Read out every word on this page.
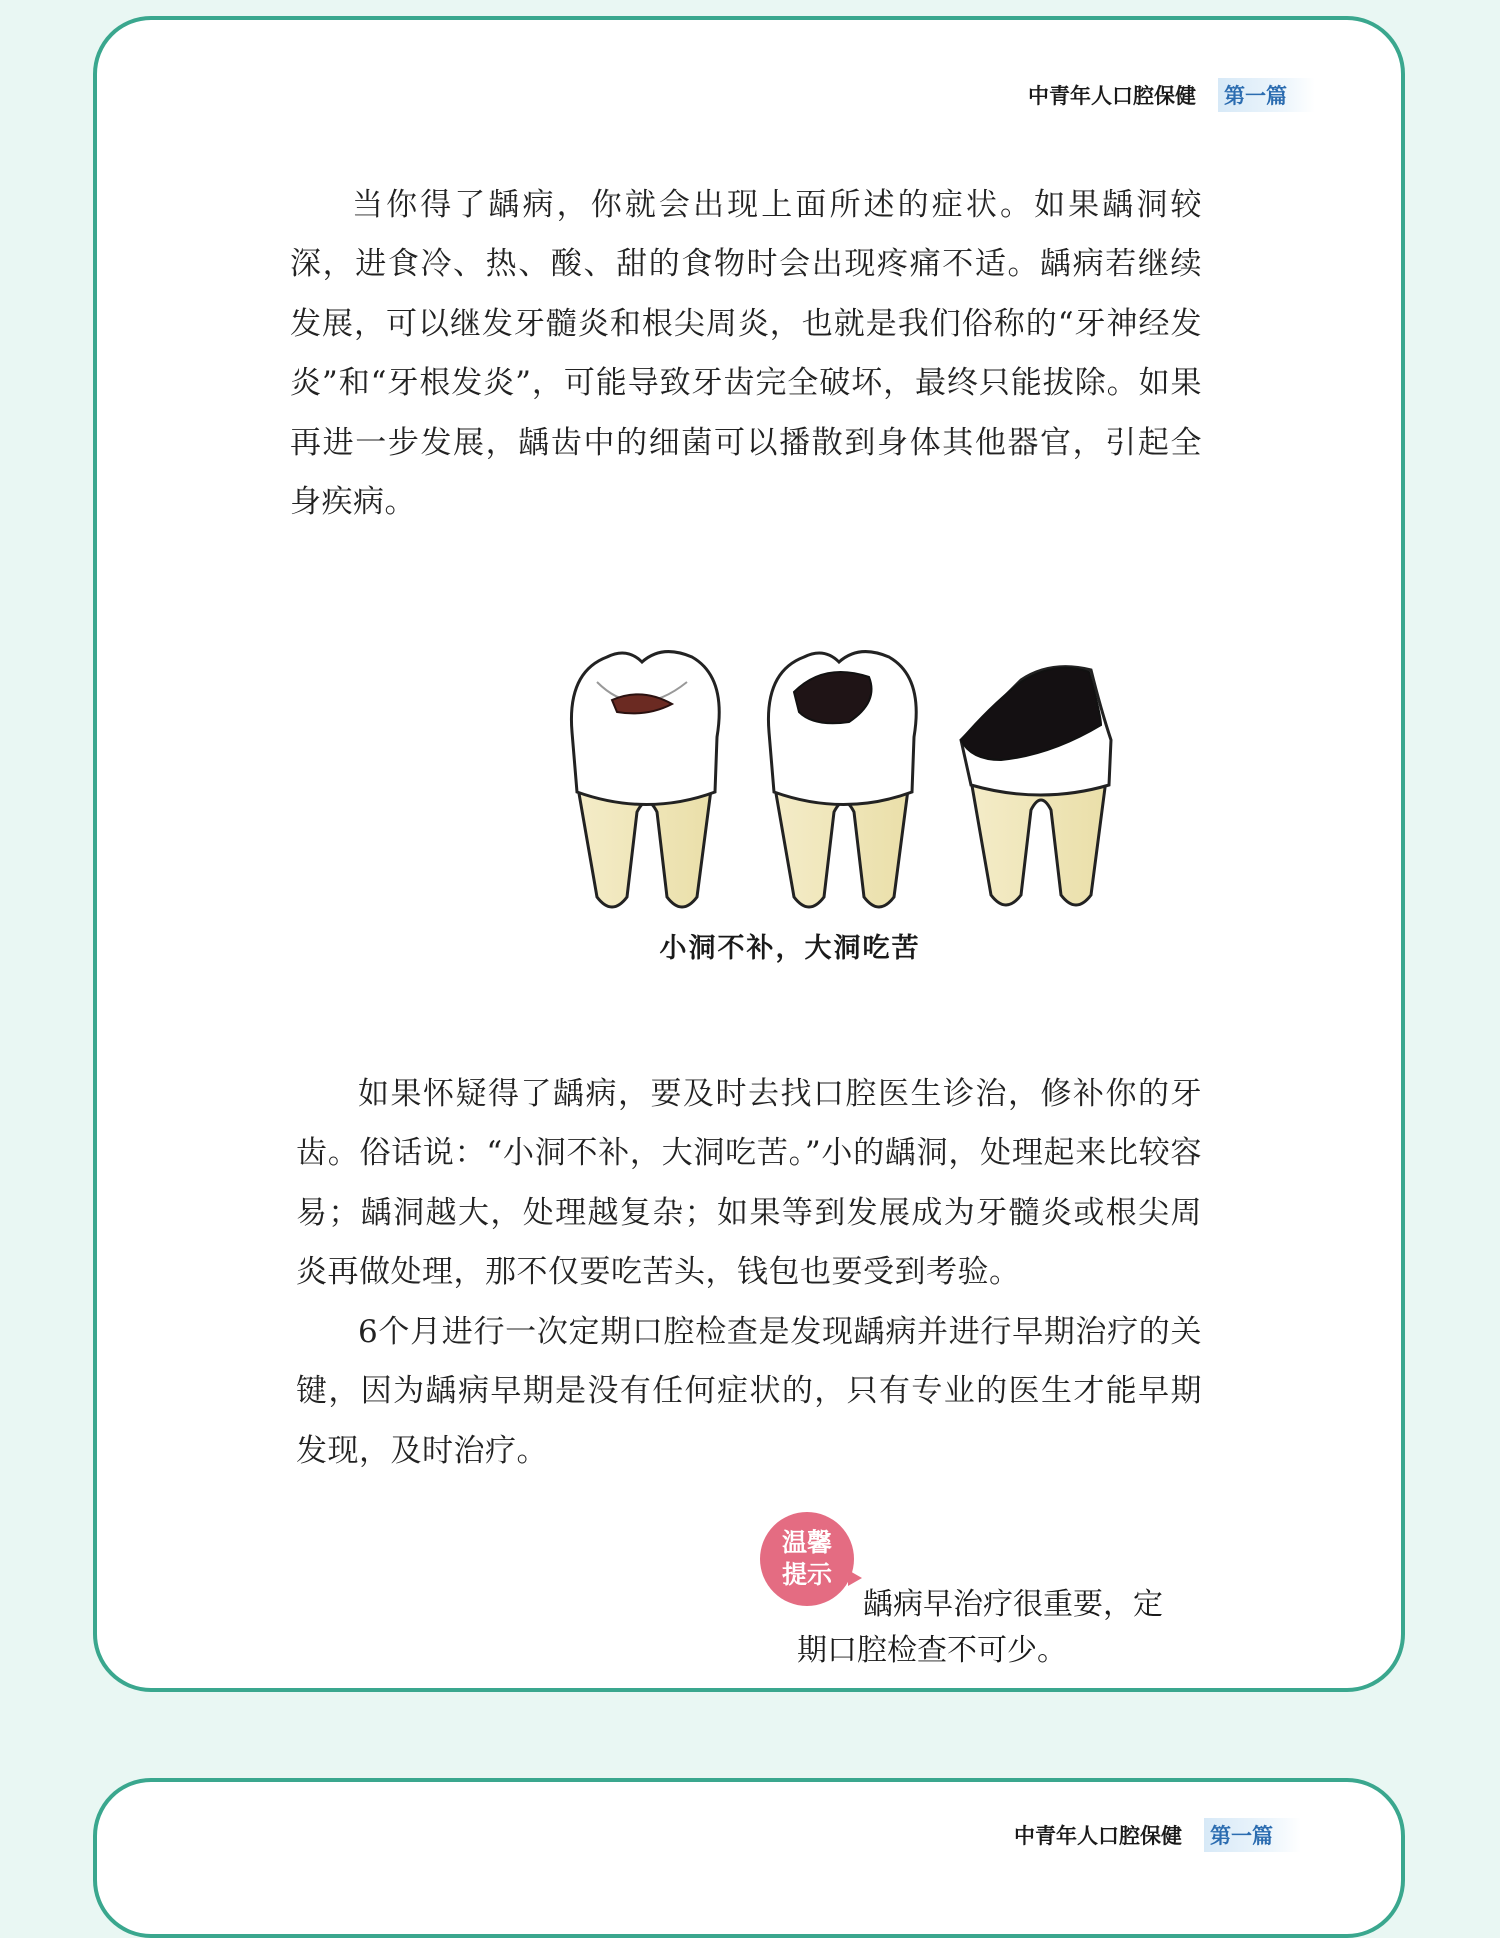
中青年人口腔保健 第一篇

当你得了龋病，你就会出现上面所述的症状。如果龋洞较深，进食冷、热、酸、甜的食物时会出现疼痛不适。龋病若继续发展，可以继发牙髓炎和根尖周炎，也就是我们俗称的“牙神经发炎”和“牙根发炎”，可能导致牙齿完全破坏，最终只能拔除。如果再进一步发展，龋齿中的细菌可以播散到身体其他器官，引起全身疾病。

小洞不补，大洞吃苦

如果怀疑得了龋病，要及时去找口腔医生诊治，修补你的牙齿。俗话说：“小洞不补，大洞吃苦。”小的龋洞，处理起来比较容易；龋洞越大，处理越复杂；如果等到发展成为牙髓炎或根尖周炎再做处理，那不仅要吃苦头，钱包也要受到考验。

6个月进行一次定期口腔检查是发现龋病并进行早期治疗的关键，因为龋病早期是没有任何症状的，只有专业的医生才能早期发现，及时治疗。

温馨
提示

龋病早治疗很重要，定期口腔检查不可少。

中青年人口腔保健 第一篇
